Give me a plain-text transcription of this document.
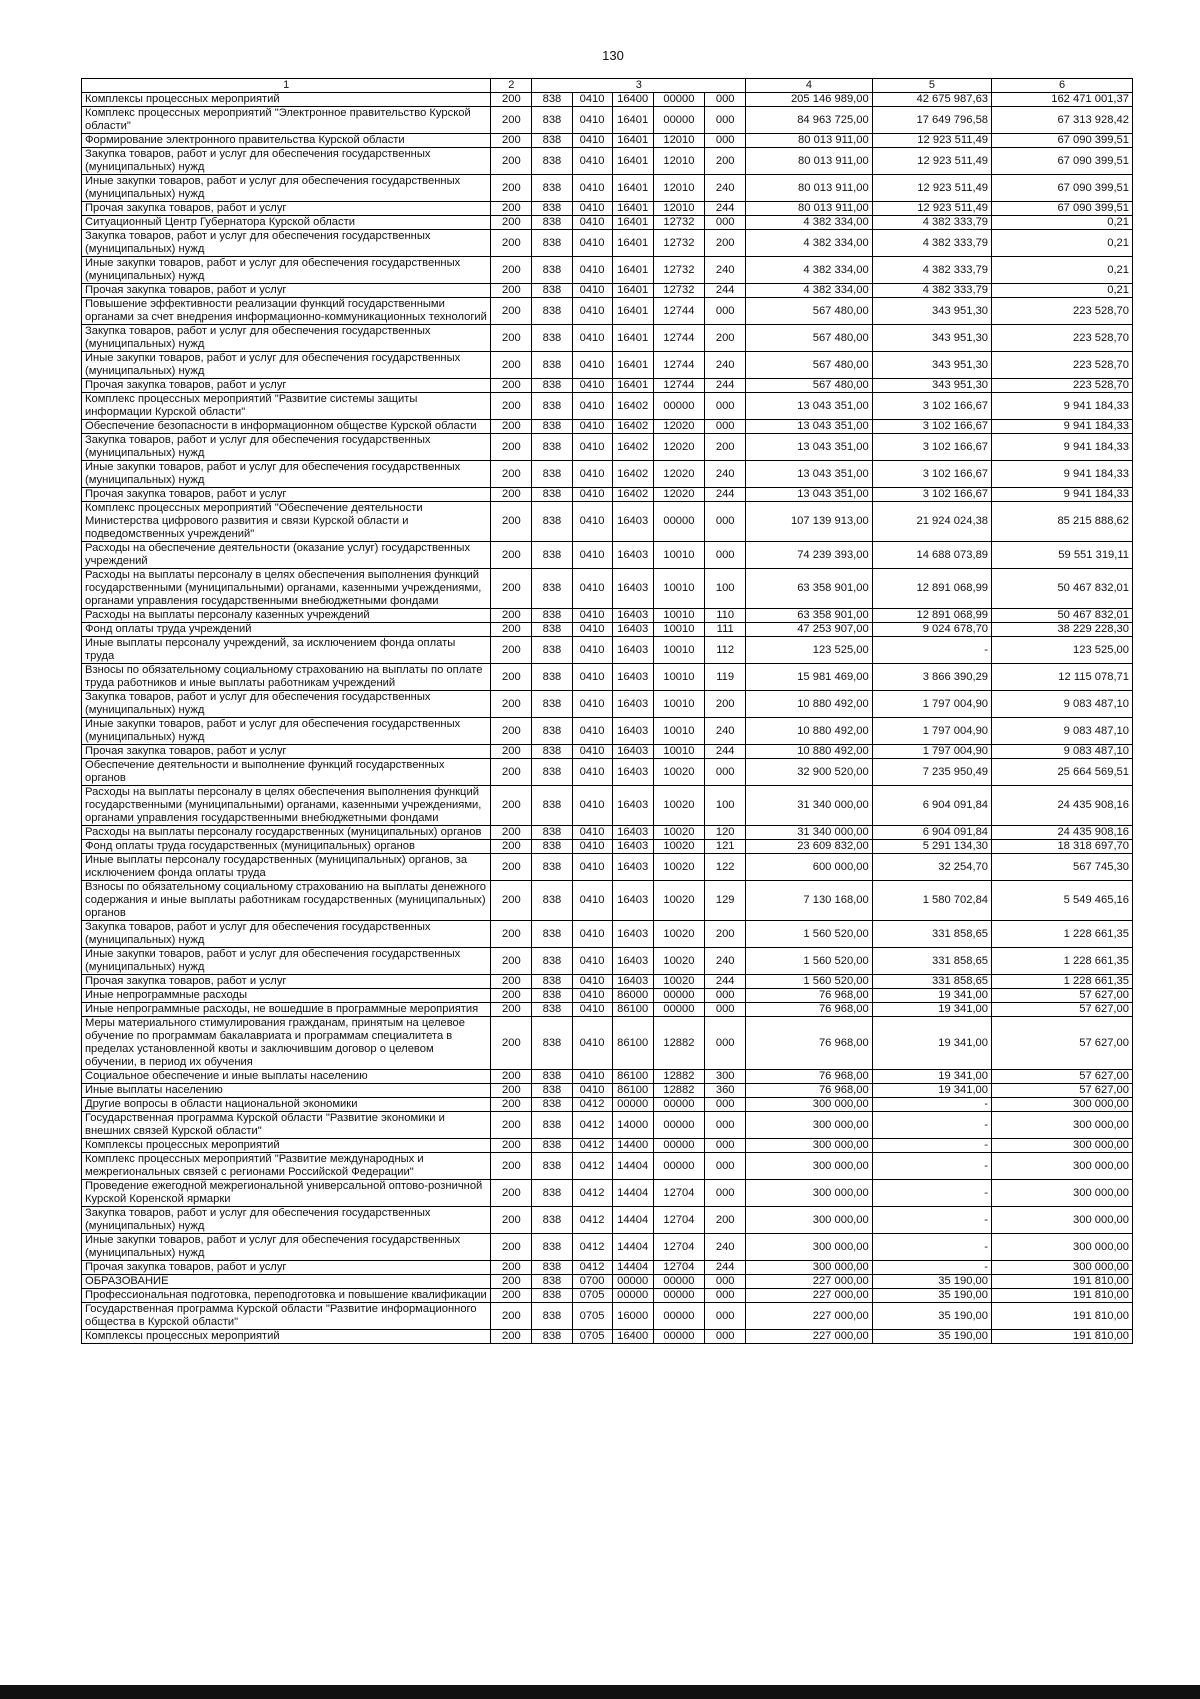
130
1	2	3					4	5	6
Комплексы процессных мероприятий	200	838	0410	16400	00000	000	205 146 989,00	42 675 987,63	162 471 001,37
Комплекс процессных мероприятий "Электронное правительство Курской области"	200	838	0410	16401	00000	000	84 963 725,00	17 649 796,58	67 313 928,42
Формирование электронного правительства Курской области	200	838	0410	16401	12010	000	80 013 911,00	12 923 511,49	67 090 399,51
Закупка товаров, работ и услуг для обеспечения государственных (муниципальных) нужд	200	838	0410	16401	12010	200	80 013 911,00	12 923 511,49	67 090 399,51
Иные закупки товаров, работ и услуг для обеспечения государственных (муниципальных) нужд	200	838	0410	16401	12010	240	80 013 911,00	12 923 511,49	67 090 399,51
Прочая закупка товаров, работ и услуг	200	838	0410	16401	12010	244	80 013 911,00	12 923 511,49	67 090 399,51
Ситуационный Центр Губернатора Курской области	200	838	0410	16401	12732	000	4 382 334,00	4 382 333,79	0,21
Закупка товаров, работ и услуг для обеспечения государственных (муниципальных) нужд	200	838	0410	16401	12732	200	4 382 334,00	4 382 333,79	0,21
Иные закупки товаров, работ и услуг для обеспечения государственных (муниципальных) нужд	200	838	0410	16401	12732	240	4 382 334,00	4 382 333,79	0,21
Прочая закупка товаров, работ и услуг	200	838	0410	16401	12732	244	4 382 334,00	4 382 333,79	0,21
Повышение эффективности реализации функций государственными органами за счет внедрения информационно-коммуникационных технологий	200	838	0410	16401	12744	000	567 480,00	343 951,30	223 528,70
Закупка товаров, работ и услуг для обеспечения государственных (муниципальных) нужд	200	838	0410	16401	12744	200	567 480,00	343 951,30	223 528,70
Иные закупки товаров, работ и услуг для обеспечения государственных (муниципальных) нужд	200	838	0410	16401	12744	240	567 480,00	343 951,30	223 528,70
Прочая закупка товаров, работ и услуг	200	838	0410	16401	12744	244	567 480,00	343 951,30	223 528,70
Комплекс процессных мероприятий "Развитие системы защиты информации Курской области"	200	838	0410	16402	00000	000	13 043 351,00	3 102 166,67	9 941 184,33
Обеспечение безопасности в информационном обществе Курской области	200	838	0410	16402	12020	000	13 043 351,00	3 102 166,67	9 941 184,33
Закупка товаров, работ и услуг для обеспечения государственных (муниципальных) нужд	200	838	0410	16402	12020	200	13 043 351,00	3 102 166,67	9 941 184,33
Иные закупки товаров, работ и услуг для обеспечения государственных (муниципальных) нужд	200	838	0410	16402	12020	240	13 043 351,00	3 102 166,67	9 941 184,33
Прочая закупка товаров, работ и услуг	200	838	0410	16402	12020	244	13 043 351,00	3 102 166,67	9 941 184,33
Комплекс процессных мероприятий "Обеспечение деятельности Министерства цифрового развития и связи Курской области и подведомственных учреждений"	200	838	0410	16403	00000	000	107 139 913,00	21 924 024,38	85 215 888,62
Расходы на обеспечение деятельности (оказание услуг) государственных учреждений	200	838	0410	16403	10010	000	74 239 393,00	14 688 073,89	59 551 319,11
Расходы на выплаты персоналу в целях обеспечения выполнения функций государственными (муниципальными) органами, казенными учреждениями, органами управления государственными внебюджетными фондами	200	838	0410	16403	10010	100	63 358 901,00	12 891 068,99	50 467 832,01
Расходы на выплаты персоналу казенных учреждений	200	838	0410	16403	10010	110	63 358 901,00	12 891 068,99	50 467 832,01
Фонд оплаты труда учреждений	200	838	0410	16403	10010	111	47 253 907,00	9 024 678,70	38 229 228,30
Иные выплаты персоналу учреждений, за исключением фонда оплаты труда	200	838	0410	16403	10010	112	123 525,00	-	123 525,00
Взносы по обязательному социальному страхованию на выплаты по оплате труда работников и иные выплаты работникам учреждений	200	838	0410	16403	10010	119	15 981 469,00	3 866 390,29	12 115 078,71
Закупка товаров, работ и услуг для обеспечения государственных (муниципальных) нужд	200	838	0410	16403	10010	200	10 880 492,00	1 797 004,90	9 083 487,10
Иные закупки товаров, работ и услуг для обеспечения государственных (муниципальных) нужд	200	838	0410	16403	10010	240	10 880 492,00	1 797 004,90	9 083 487,10
Прочая закупка товаров, работ и услуг	200	838	0410	16403	10010	244	10 880 492,00	1 797 004,90	9 083 487,10
Обеспечение деятельности и выполнение функций государственных органов	200	838	0410	16403	10020	000	32 900 520,00	7 235 950,49	25 664 569,51
Расходы на выплаты персоналу в целях обеспечения выполнения функций государственными (муниципальными) органами, казенными учреждениями, органами управления государственными внебюджетными фондами	200	838	0410	16403	10020	100	31 340 000,00	6 904 091,84	24 435 908,16
Расходы на выплаты персоналу государственных (муниципальных) органов	200	838	0410	16403	10020	120	31 340 000,00	6 904 091,84	24 435 908,16
Фонд оплаты труда государственных (муниципальных) органов	200	838	0410	16403	10020	121	23 609 832,00	5 291 134,30	18 318 697,70
Иные выплаты персоналу государственных (муниципальных) органов, за исключением фонда оплаты труда	200	838	0410	16403	10020	122	600 000,00	32 254,70	567 745,30
Взносы по обязательному социальному страхованию на выплаты денежного содержания и иные выплаты работникам государственных (муниципальных) органов	200	838	0410	16403	10020	129	7 130 168,00	1 580 702,84	5 549 465,16
Закупка товаров, работ и услуг для обеспечения государственных (муниципальных) нужд	200	838	0410	16403	10020	200	1 560 520,00	331 858,65	1 228 661,35
Иные закупки товаров, работ и услуг для обеспечения государственных (муниципальных) нужд	200	838	0410	16403	10020	240	1 560 520,00	331 858,65	1 228 661,35
Прочая закупка товаров, работ и услуг	200	838	0410	16403	10020	244	1 560 520,00	331 858,65	1 228 661,35
Иные непрограммные расходы	200	838	0410	86000	00000	000	76 968,00	19 341,00	57 627,00
Иные непрограммные расходы, не вошедшие в программные мероприятия	200	838	0410	86100	00000	000	76 968,00	19 341,00	57 627,00
Меры материального стимулирования гражданам, принятым на целевое обучение по программам бакалавриата и программам специалитета в пределах установленной квоты и заключившим договор о целевом обучении, в период их обучения	200	838	0410	86100	12882	000	76 968,00	19 341,00	57 627,00
Социальное обеспечение и иные выплаты населению	200	838	0410	86100	12882	300	76 968,00	19 341,00	57 627,00
Иные выплаты населению	200	838	0410	86100	12882	360	76 968,00	19 341,00	57 627,00
Другие вопросы в области национальной экономики	200	838	0412	00000	00000	000	300 000,00	-	300 000,00
Государственная программа Курской области "Развитие экономики и внешних связей Курской области"	200	838	0412	14000	00000	000	300 000,00	-	300 000,00
Комплексы процессных мероприятий	200	838	0412	14400	00000	000	300 000,00	-	300 000,00
Комплекс процессных мероприятий "Развитие международных и межрегиональных связей с регионами Российской Федерации"	200	838	0412	14404	00000	000	300 000,00	-	300 000,00
Проведение ежегодной межрегиональной универсальной оптово-розничной Курской Коренской ярмарки	200	838	0412	14404	12704	000	300 000,00	-	300 000,00
Закупка товаров, работ и услуг для обеспечения государственных (муниципальных) нужд	200	838	0412	14404	12704	200	300 000,00	-	300 000,00
Иные закупки товаров, работ и услуг для обеспечения государственных (муниципальных) нужд	200	838	0412	14404	12704	240	300 000,00	-	300 000,00
Прочая закупка товаров, работ и услуг	200	838	0412	14404	12704	244	300 000,00	-	300 000,00
ОБРАЗОВАНИЕ	200	838	0700	00000	00000	000	227 000,00	35 190,00	191 810,00
Профессиональная подготовка, переподготовка и повышение квалификации	200	838	0705	00000	00000	000	227 000,00	35 190,00	191 810,00
Государственная программа Курской области "Развитие информационного общества в Курской области"	200	838	0705	16000	00000	000	227 000,00	35 190,00	191 810,00
Комплексы процессных мероприятий	200	838	0705	16400	00000	000	227 000,00	35 190,00	191 810,00
